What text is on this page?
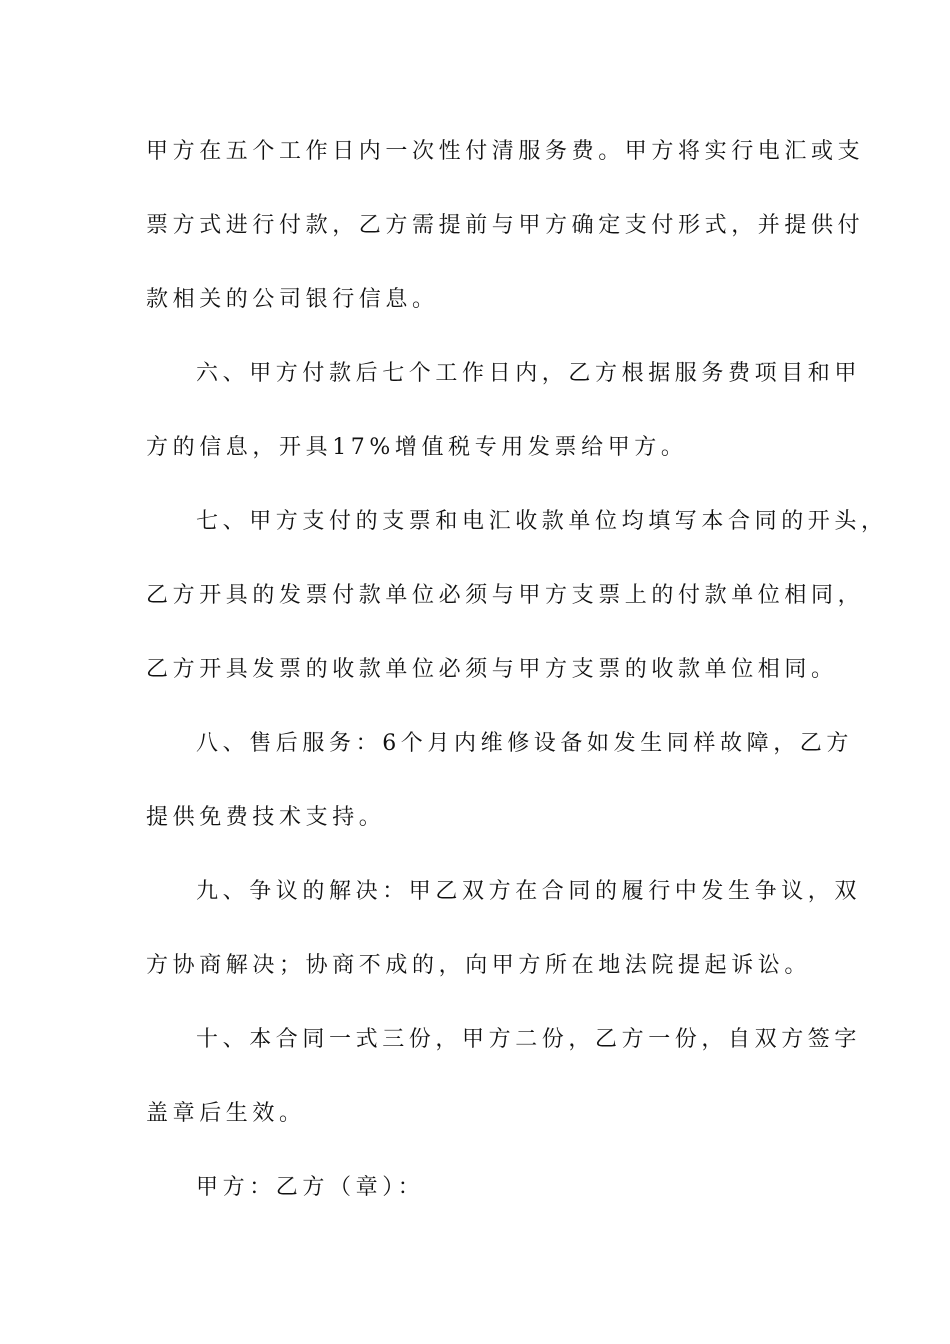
甲方在五个工作日内一次性付清服务费。甲方将实行电汇或支
票方式进行付款，乙方需提前与甲方确定支付形式，并提供付
款相关的公司银行信息。
六、甲方付款后七个工作日内，乙方根据服务费项目和甲
方的信息，开具17%增值税专用发票给甲方。
七、甲方支付的支票和电汇收款单位均填写本合同的开头，
乙方开具的发票付款单位必须与甲方支票上的付款单位相同，
乙方开具发票的收款单位必须与甲方支票的收款单位相同。
八、售后服务：6个月内维修设备如发生同样故障，乙方
提供免费技术支持。
九、争议的解决：甲乙双方在合同的履行中发生争议，双
方协商解决；协商不成的，向甲方所在地法院提起诉讼。
十、本合同一式三份，甲方二份，乙方一份，自双方签字
盖章后生效。
甲方：乙方（章）：
